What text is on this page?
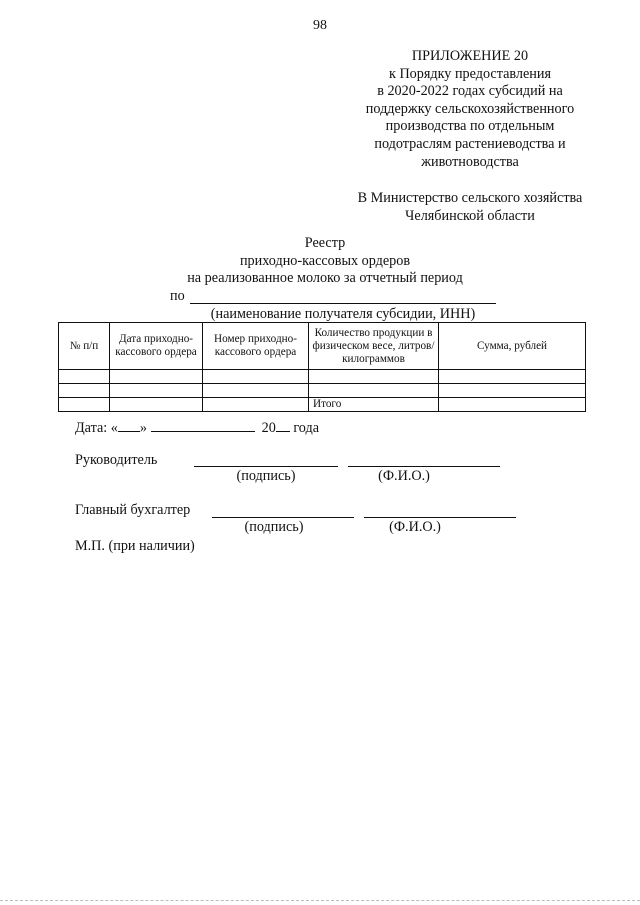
98
ПРИЛОЖЕНИЕ 20
к Порядку предоставления
в 2020-2022 годах субсидий на
поддержку сельскохозяйственного
производства по отдельным
подотраслям растениеводства и
животноводства
В Министерство сельского хозяйства
Челябинской области
Реестр
приходно-кассовых ордеров
на реализованное молоко за отчетный период
по
(наименование получателя субсидии, ИНН)
№ п/п	Дата приходно-кассового ордера	Номер приходно-кассового ордера	Количество продукции в физическом весе, литров/килограммов	Сумма, рублей

			Итого	
Дата: « »	20 года
Руководитель
(подпись)	(Ф.И.О.)
Главный бухгалтер
(подпись)	(Ф.И.О.)
М.П. (при наличии)
